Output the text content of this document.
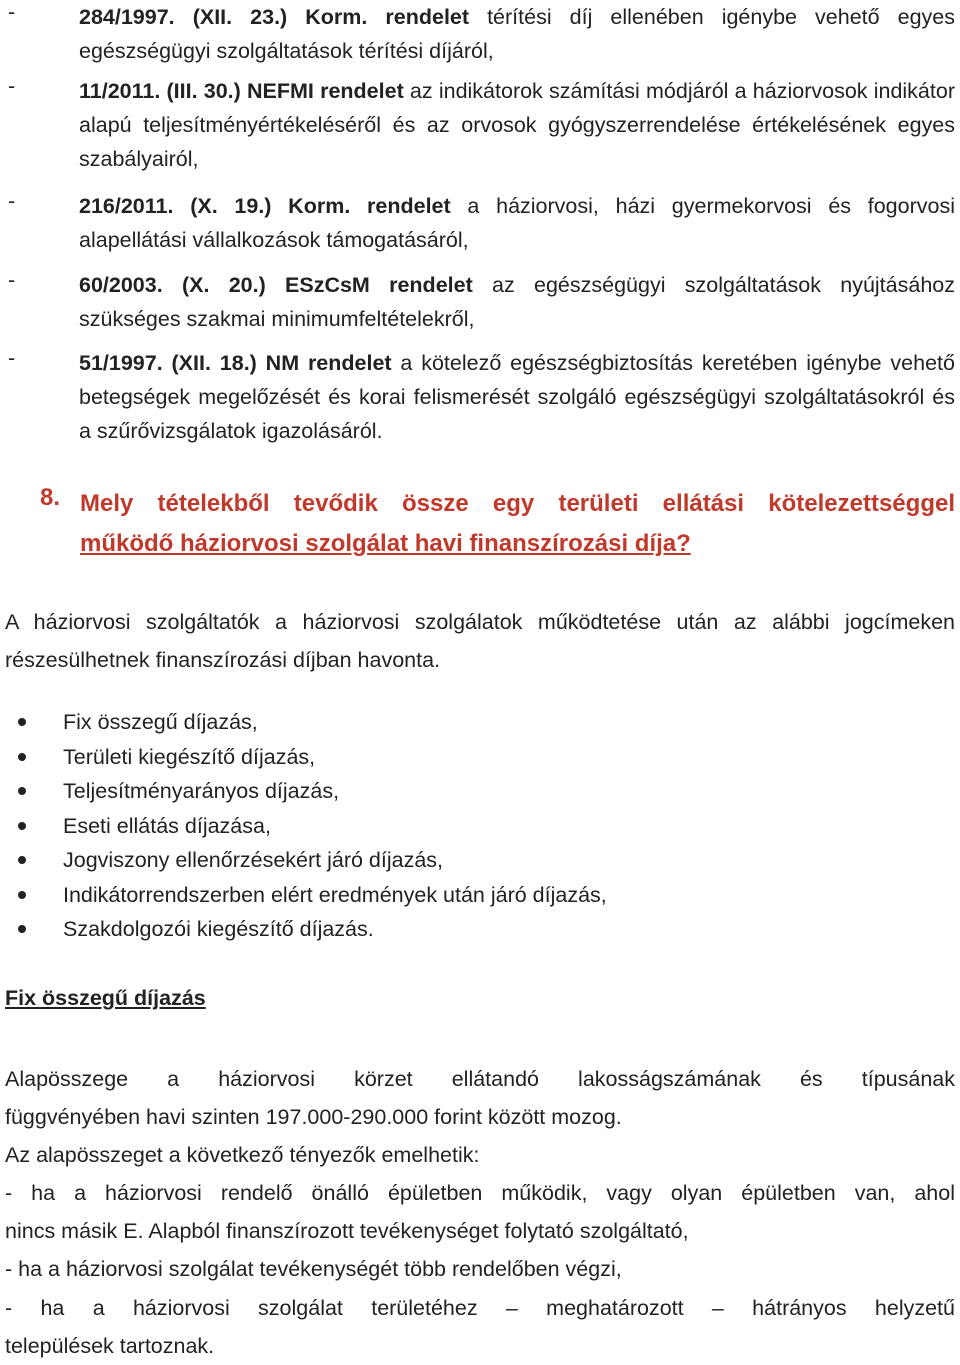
-	284/1997. (XII. 23.) Korm. rendelet térítési díj ellenében igénybe vehető egyes egészségügyi szolgáltatások térítési díjáról,
-	11/2011. (III. 30.) NEFMI rendelet az indikátorok számítási módjáról a háziorvosok indikátor alapú teljesítményértékeléséről és az orvosok gyógyszerrendelése értékelésének egyes szabályairól,
-	216/2011. (X. 19.) Korm. rendelet a háziorvosi, házi gyermekorvosi és fogorvosi alapellátási vállalkozások támogatásáról,
-	60/2003. (X. 20.) ESzCsM rendelet az egészségügyi szolgáltatások nyújtásához szükséges szakmai minimumfeltételekről,
-	51/1997. (XII. 18.) NM rendelet a kötelező egészségbiztosítás keretében igénybe vehető betegségek megelőzését és korai felismerését szolgáló egészségügyi szolgáltatásokról és a szűrővizsgálatok igazolásáról.
8. Mely tételekből tevődik össze egy területi ellátási kötelezettséggel
működő háziorvosi szolgálat havi finanszírozási díja?
A háziorvosi szolgáltatók a háziorvosi szolgálatok működtetése után az alábbi jogcímeken részesülhetnek finanszírozási díjban havonta.
Fix összegű díjazás,
Területi kiegészítő díjazás,
Teljesítményarányos díjazás,
Eseti ellátás díjazása,
Jogviszony ellenőrzésekért járó díjazás,
Indikátorrendszerben elért eredmények után járó díjazás,
Szakdolgozói kiegészítő díjazás.
Fix összegű díjazás
Alapösszege a háziorvosi körzet ellátandó lakosságszámának és típusának
függvényében havi szinten 197.000-290.000 forint között mozog.
Az alapösszeget a következő tényezők emelhetik:
- ha a háziorvosi rendelő önálló épületben működik, vagy olyan épületben van, ahol
nincs másik E. Alapból finanszírozott tevékenységet folytató szolgáltató,
- ha a háziorvosi szolgálat tevékenységét több rendelőben végzi,
- ha a háziorvosi szolgálat területéhez – meghatározott – hátrányos helyzetű
települések tartoznak.
